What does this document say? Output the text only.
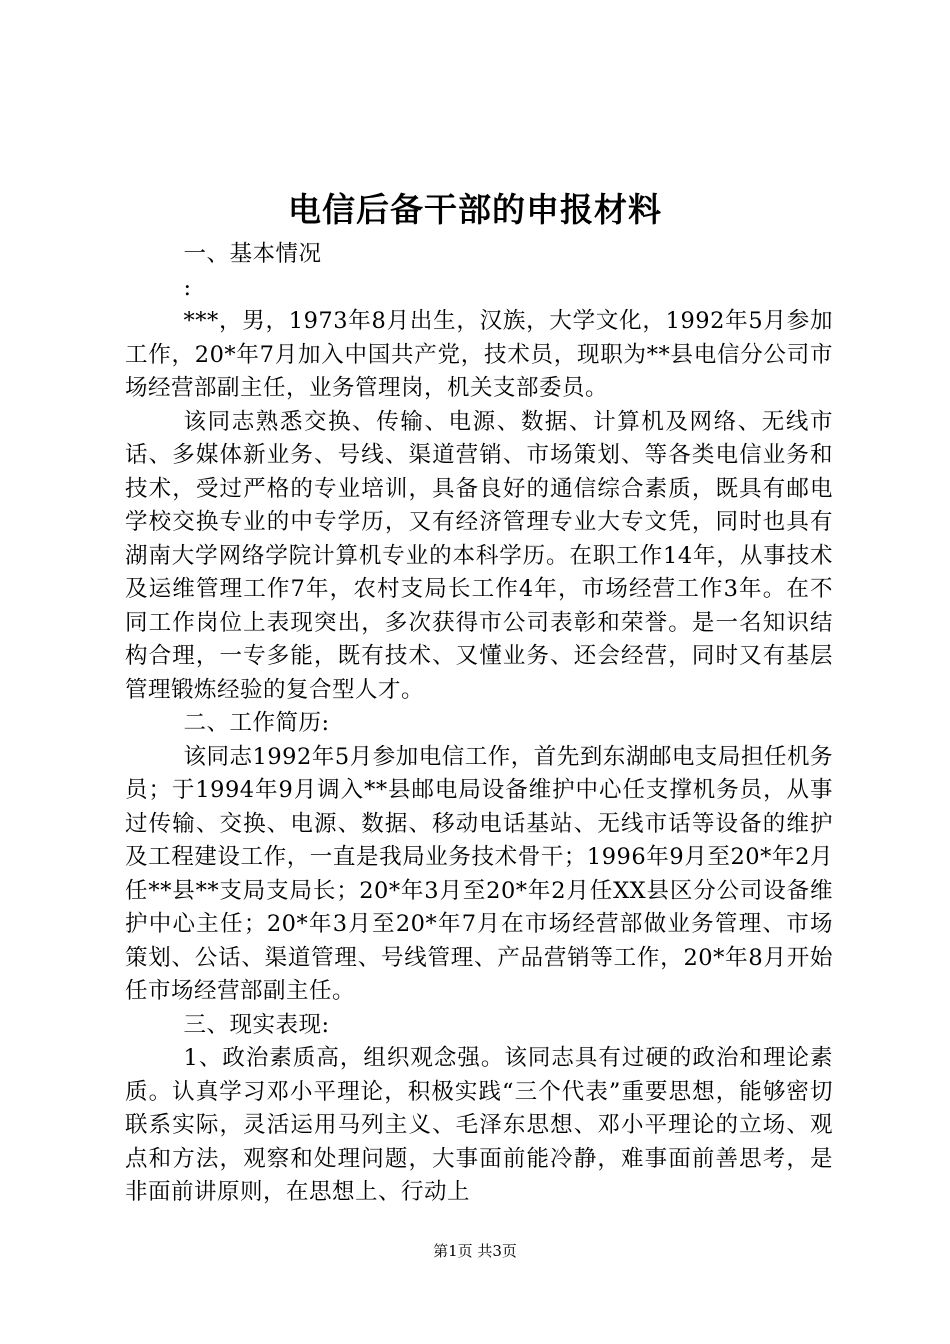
电信后备干部的申报材料

一、基本情况

:

***，男，1973年8月出生，汉族，大学文化，1992年5月参加工作，20*年7月加入中国共产党，技术员，现职为**县电信分公司市场经营部副主任，业务管理岗，机关支部委员。

该同志熟悉交换、传输、电源、数据、计算机及网络、无线市话、多媒体新业务、号线、渠道营销、市场策划、等各类电信业务和技术，受过严格的专业培训，具备良好的通信综合素质，既具有邮电学校交换专业的中专学历，又有经济管理专业大专文凭，同时也具有湖南大学网络学院计算机专业的本科学历。在职工作14年，从事技术及运维管理工作7年，农村支局长工作4年，市场经营工作3年。在不同工作岗位上表现突出，多次获得市公司表彰和荣誉。是一名知识结构合理，一专多能，既有技术、又懂业务、还会经营，同时又有基层管理锻炼经验的复合型人才。

二、工作简历:

该同志1992年5月参加电信工作，首先到东湖邮电支局担任机务员；于1994年9月调入**县邮电局设备维护中心任支撑机务员，从事过传输、交换、电源、数据、移动电话基站、无线市话等设备的维护及工程建设工作，一直是我局业务技术骨干；1996年9月至20*年2月任**县**支局支局长；20*年3月至20*年2月任XX县区分公司设备维护中心主任；20*年3月至20*年7月在市场经营部做业务管理、市场策划、公话、渠道管理、号线管理、产品营销等工作，20*年8月开始任市场经营部副主任。

三、现实表现:

1、政治素质高，组织观念强。该同志具有过硬的政治和理论素质。认真学习邓小平理论，积极实践“三个代表”重要思想，能够密切联系实际，灵活运用马列主义、毛泽东思想、邓小平理论的立场、观点和方法，观察和处理问题，大事面前能冷静，难事面前善思考，是非面前讲原则，在思想上、行动上

第1页 共3页
